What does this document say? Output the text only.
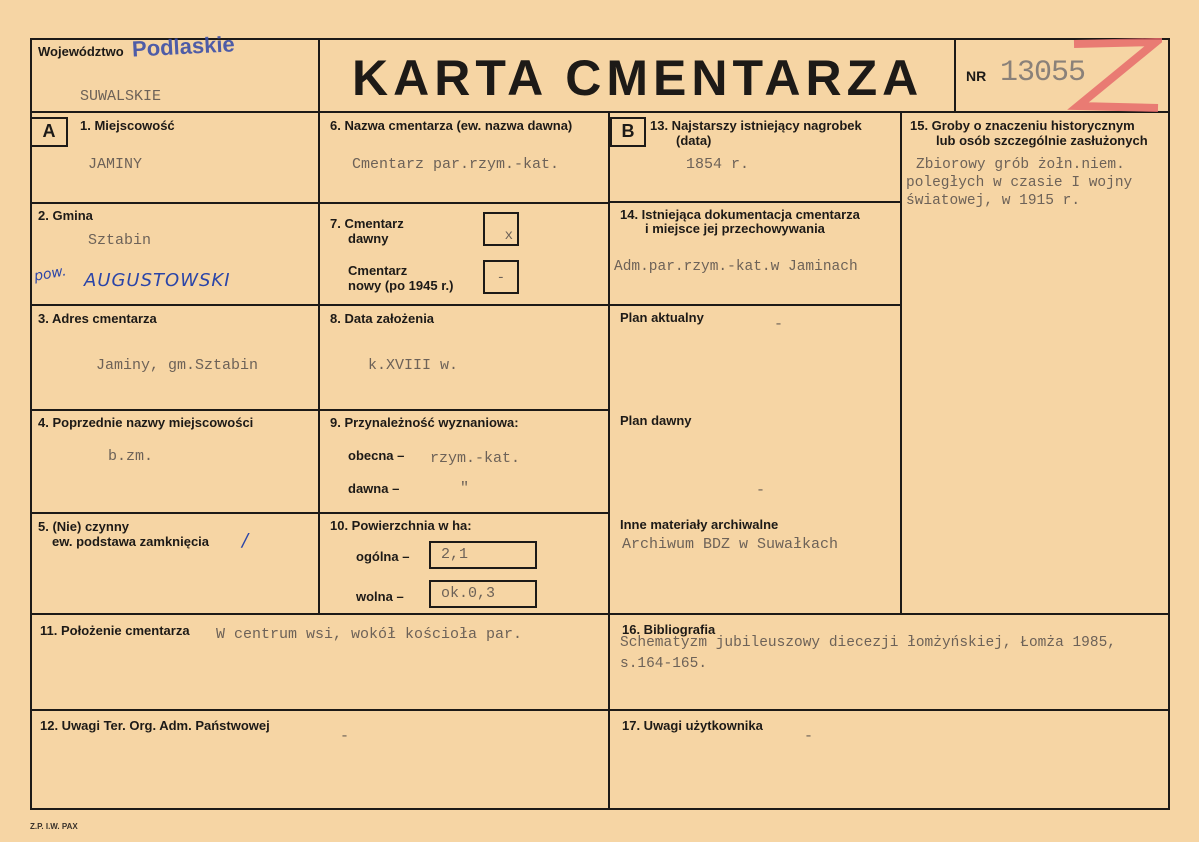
Województwo Podlaskie
SUWALSKIE	KARTA CMENTARZA	NR 13055
A	B
1. Miejscowość
JAMINY
2. Gmina
Sztabin
pow. AUGUSTOWSKI
3. Adres cmentarza
Jaminy, gm.Sztabin
4. Poprzednie nazwy miejscowości
b.zm.
5. (Nie) czynny
ew. podstawa zamknięcia /
6. Nazwa cmentarza (ew. nazwa dawna)
Cmentarz par.rzym.-kat.
7. Cmentarz
dawny	x
Cmentarz
nowy (po 1945 r.)	-
8. Data założenia
k.XVIII w.
9. Przynależność wyznaniowa:
obecna – rzym.-kat.
dawna –	"
10. Powierzchnia w ha:
ogólna –	2,1
wolna –	ok.0,3
11. Położenie cmentarza W centrum wsi, wokół kościoła par.
12. Uwagi Ter. Org. Adm. Państwowej
-
13. Najstarszy istniejący nagrobek
(data)
1854 r.
14. Istniejąca dokumentacja cmentarza
i miejsce jej przechowywania
Adm.par.rzym.-kat.w Jaminach
Plan aktualny	-
Plan dawny
-
Inne materiały archiwalne
Archiwum BDZ w Suwałkach
15. Groby o znaczeniu historycznym
lub osób szczególnie zasłużonych
Zbiorowy grób żołn.niem.
poległych w czasie I wojny
światowej, w 1915 r.
16. Bibliografia
Schematyzm jubileuszowy diecezji łomżyńskiej, Łomża 1985,
s.164-165.
17. Uwagi użytkownika
-
Z.P. I.W. PAX
